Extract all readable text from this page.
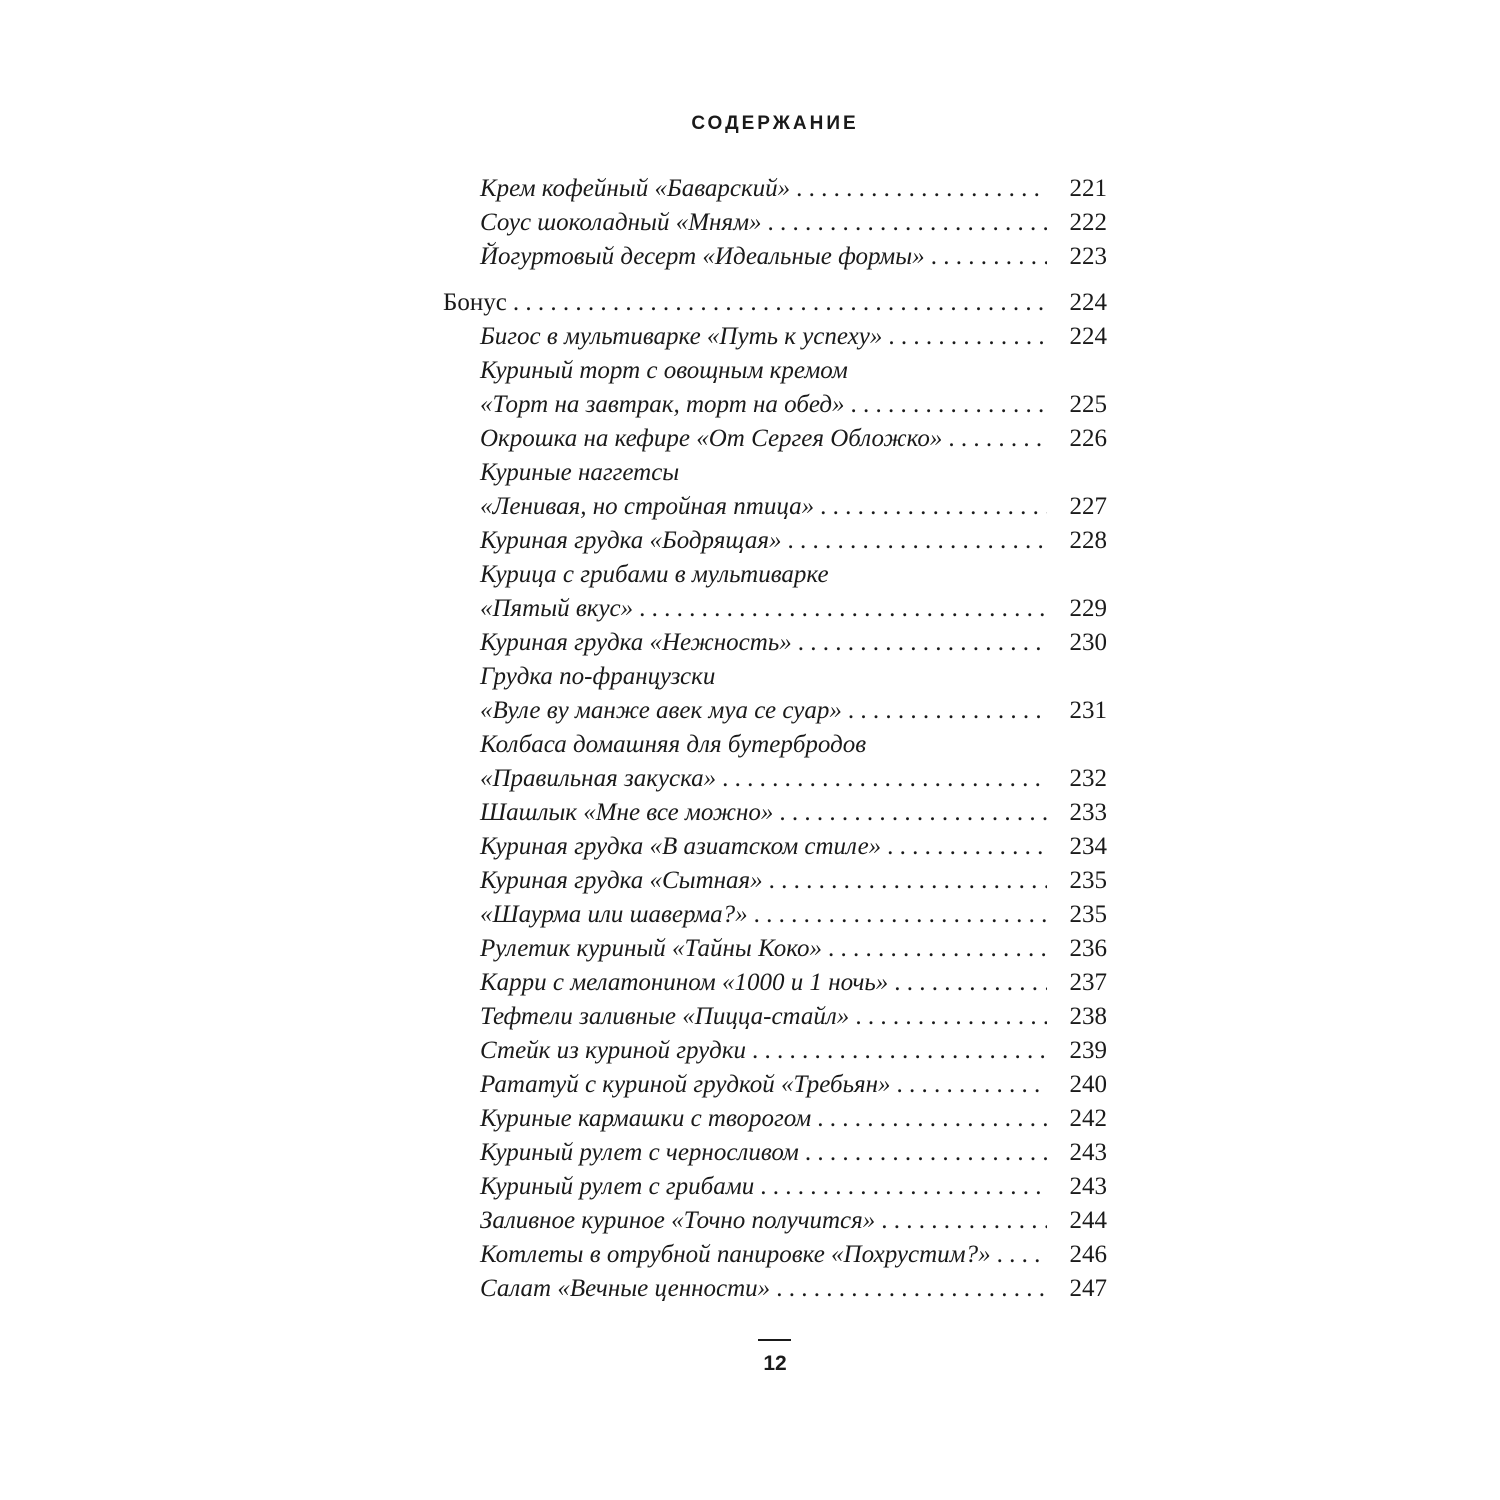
СОДЕРЖАНИЕ
Крем кофейный «Баварский» . . .	221
Соус шоколадный «Мням» . . .	222
Йогуртовый десерт «Идеальные формы» . . .	223
Бонус . . .	224
Бигос в мультиварке «Путь к успеху» . . .	224
Куриный торт с овощным кремом
«Торт на завтрак, торт на обед» . . .	225
Окрошка на кефире «От Сергея Обложко» . . .	226
Куриные наггетсы
«Ленивая, но стройная птица» . . .	227
Куриная грудка «Бодрящая» . . .	228
Курица с грибами в мультиварке
«Пятый вкус» . . .	229
Куриная грудка «Нежность» . . .	230
Грудка по-французски
«Вуле ву манже авек муа се суар» . . .	231
Колбаса домашняя для бутербродов
«Правильная закуска» . . .	232
Шашлык «Мне все можно» . . .	233
Куриная грудка «В азиатском стиле» . . .	234
Куриная грудка «Сытная» . . .	235
«Шаурма или шаверма?» . . .	235
Рулетик куриный «Тайны Коко» . . .	236
Карри с мелатонином «1000 и 1 ночь» . . .	237
Тефтели заливные «Пицца-стайл» . . .	238
Стейк из куриной грудки . . .	239
Рататуй с куриной грудкой «Требьян» . . .	240
Куриные кармашки с творогом . . .	242
Куриный рулет с черносливом . . .	243
Куриный рулет с грибами . . .	243
Заливное куриное «Точно получится» . . .	244
Котлеты в отрубной панировке «Похрустим?» . . .	246
Салат «Вечные ценности» . . .	247
12
